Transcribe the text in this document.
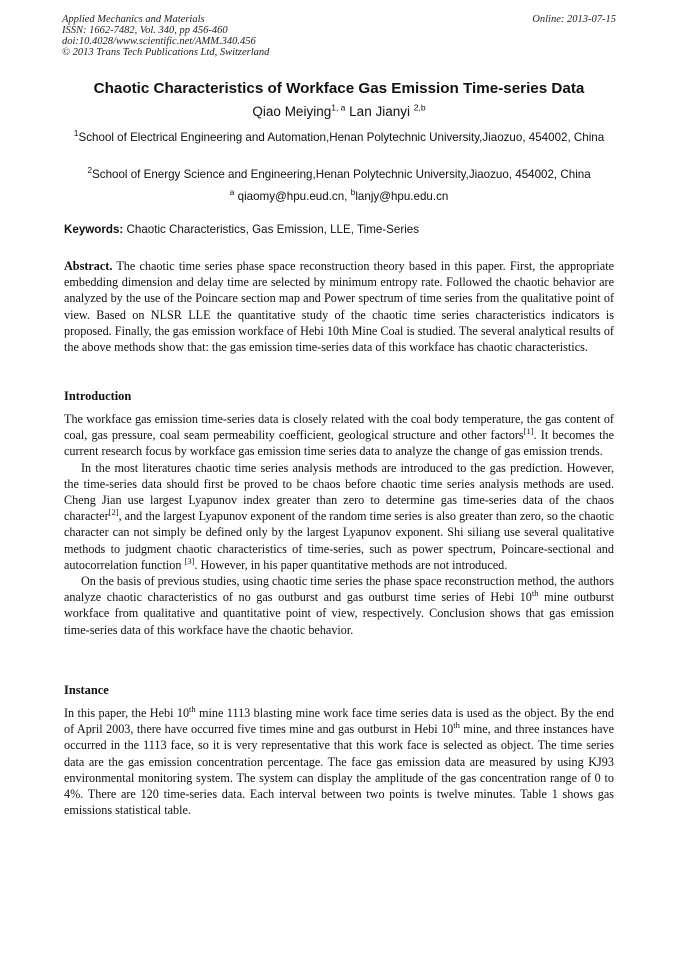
Applied Mechanics and Materials
ISSN: 1662-7482, Vol. 340, pp 456-460
doi:10.4028/www.scientific.net/AMM.340.456
© 2013 Trans Tech Publications Ltd, Switzerland
Online: 2013-07-15
Chaotic Characteristics of Workface Gas Emission Time-series Data
Qiao Meiying$^{1, a}$ Lan Jianyi $^{2,b}$
$^1$School of Electrical Engineering and Automation,Henan Polytechnic University,Jiaozuo, 454002, China
$^2$School of Energy Science and Engineering,Henan Polytechnic University,Jiaozuo, 454002, China
$^a$ qiaomy@hpu.eud.cn, $^b$lanjy@hpu.edu.cn
Keywords: Chaotic Characteristics, Gas Emission, LLE, Time-Series

Abstract. The chaotic time series phase space reconstruction theory based in this paper. First, the appropriate embedding dimension and delay time are selected by minimum entropy rate. Followed the chaotic behavior are analyzed by the use of the Poincare section map and Power spectrum of time series from the qualitative point of view. Based on NLSR LLE the quantitative study of the chaotic time series characteristics indicators is proposed. Finally, the gas emission workface of Hebi 10th Mine Coal is studied. The several analytical results of the above methods show that: the gas emission time-series data of this workface has chaotic characteristics.

Introduction

The workface gas emission time-series data is closely related with the coal body temperature, the gas content of coal, gas pressure, coal seam permeability coefficient, geological structure and other factors[1]. It becomes the current research focus by workface gas emission time series data to analyze the change of gas emission trends.

In the most literatures chaotic time series analysis methods are introduced to the gas prediction. However, the time-series data should first be proved to be chaos before chaotic time series analysis methods are used. Cheng Jian use largest Lyapunov index greater than zero to determine gas time-series data of the chaos character[2], and the largest Lyapunov exponent of the random time series is also greater than zero, so the chaotic character can not simply be defined only by the largest Lyapunov exponent. Shi siliang use several qualitative methods to judgment chaotic characteristics of time-series, such as power spectrum, Poincare-sectional and autocorrelation function [3]. However, in his paper quantitative methods are not introduced.

On the basis of previous studies, using chaotic time series the phase space reconstruction method, the authors analyze chaotic characteristics of no gas outburst and gas outburst time series of Hebi 10th mine outburst workface from qualitative and quantitative point of view, respectively. Conclusion shows that gas emission time-series data of this workface have the chaotic behavior.

Instance

In this paper, the Hebi 10th mine 1113 blasting mine work face time series data is used as the object. By the end of April 2003, there have occurred five times mine and gas outburst in Hebi 10th mine, and three instances have occurred in the 1113 face, so it is very representative that this work face is selected as object. The time series data are the gas emission concentration percentage. The face gas emission data are measured by using KJ93 environmental monitoring system. The system can display the amplitude of the gas concentration range of 0 to 4%. There are 120 time-series data. Each interval between two points is twelve minutes. Table 1 shows gas emissions statistical table.
